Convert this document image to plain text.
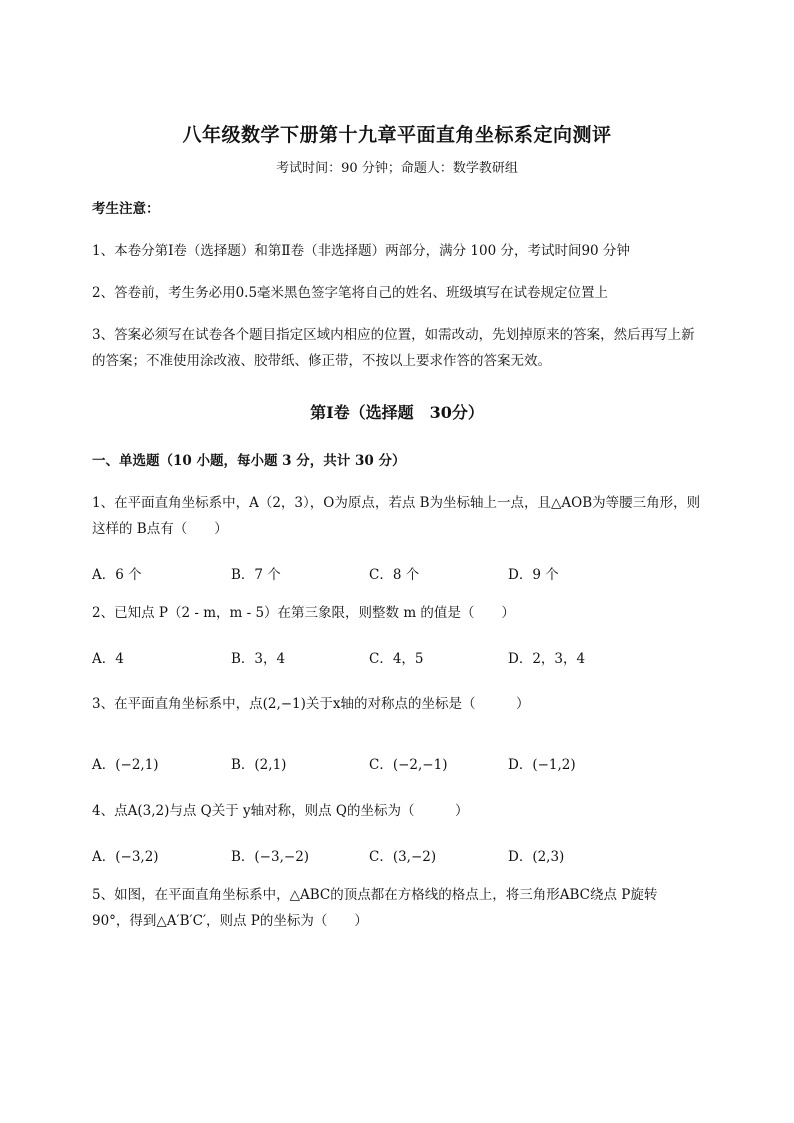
八年级数学下册第十九章平面直角坐标系定向测评
考试时间：90 分钟；命题人：数学教研组
考生注意：
1、本卷分第Ⅰ卷（选择题）和第Ⅱ卷（非选择题）两部分，满分 100 分，考试时间90 分钟
2、答卷前，考生务必用0.5毫米黑色签字笔将自己的姓名、班级填写在试卷规定位置上
3、答案必须写在试卷各个题目指定区域内相应的位置，如需改动，先划掉原来的答案，然后再写上新
的答案；不准使用涂改液、胶带纸、修正带，不按以上要求作答的答案无效。
第Ⅰ卷（选择题　30分）
一、单选题（10 小题，每小题 3 分，共计 30 分）
1、在平面直角坐标系中，A（2，3），O为原点，若点 B为坐标轴上一点，且△AOB为等腰三角形，则
这样的 B点有（　　）
A．6 个	B．7 个	C．8 个	D．9 个
2、已知点 P（2 - m，m - 5）在第三象限，则整数 m 的值是（　　）
A．4	B．3，4	C．4，5	D．2，3，4
3、在平面直角坐标系中，点(2,−1)关于x轴的对称点的坐标是（　　　）
A．(−2,1)	B．(2,1)	C．(−2,−1)	D．(−1,2)
4、点A(3,2)与点 Q关于 y轴对称，则点 Q的坐标为（　　　）
A．(−3,2)	B．(−3,−2)	C．(3,−2)	D．(2,3)
5、如图，在平面直角坐标系中，△ABC的顶点都在方格线的格点上，将三角形ABC绕点 P旋转
90°，得到△A′B′C′，则点 P的坐标为（　　）
